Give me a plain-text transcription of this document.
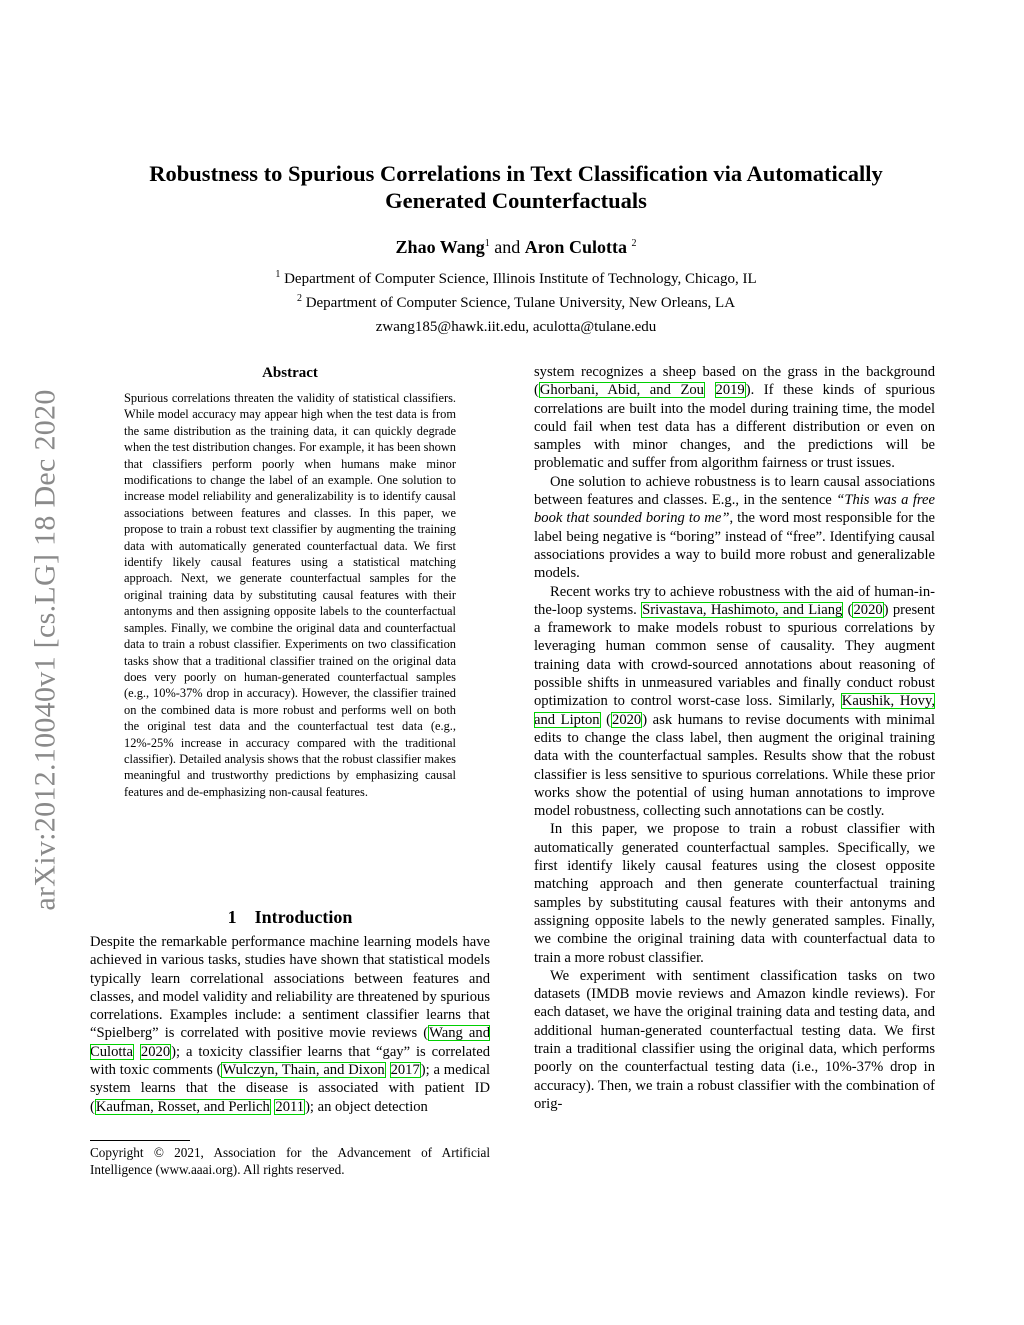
arXiv:2012.10040v1 [cs.LG] 18 Dec 2020
Robustness to Spurious Correlations in Text Classification via Automatically
Generated Counterfactuals
Zhao Wang$^1$ and Aron Culotta $^2$
$^1$ Department of Computer Science, Illinois Institute of Technology, Chicago, IL
$^2$ Department of Computer Science, Tulane University, New Orleans, LA
zwang185@hawk.iit.edu, aculotta@tulane.edu
Abstract
Spurious correlations threaten the validity of statistical classifiers. While model accuracy may appear high when the test data is from the same distribution as the training data, it can quickly degrade when the test distribution changes. For example, it has been shown that classifiers perform poorly when humans make minor modifications to change the label of an example. One solution to increase model reliability and generalizability is to identify causal associations between features and classes. In this paper, we propose to train a robust text classifier by augmenting the training data with automatically generated counterfactual data. We first identify likely causal features using a statistical matching approach. Next, we generate counterfactual samples for the original training data by substituting causal features with their antonyms and then assigning opposite labels to the counterfactual samples. Finally, we combine the original data and counterfactual data to train a robust classifier. Experiments on two classification tasks show that a traditional classifier trained on the original data does very poorly on human-generated counterfactual samples (e.g., 10%-37% drop in accuracy). However, the classifier trained on the combined data is more robust and performs well on both the original test data and the counterfactual test data (e.g., 12%-25% increase in accuracy compared with the traditional classifier). Detailed analysis shows that the robust classifier makes meaningful and trustworthy predictions by emphasizing causal features and de-emphasizing non-causal features.
1 Introduction

Despite the remarkable performance machine learning models have achieved in various tasks, studies have shown that statistical models typically learn correlational associations between features and classes, and model validity and reliability are threatened by spurious correlations. Examples include: a sentiment classifier learns that “Spielberg” is correlated with positive movie reviews (Wang and Culotta 2020); a toxicity classifier learns that “gay” is correlated with toxic comments (Wulczyn, Thain, and Dixon 2017); a medical system learns that the disease is associated with patient ID (Kaufman, Rosset, and Perlich 2011); an object detection

Copyright © 2021, Association for the Advancement of Artificial Intelligence (www.aaai.org). All rights reserved.

system recognizes a sheep based on the grass in the background (Ghorbani, Abid, and Zou 2019). If these kinds of spurious correlations are built into the model during training time, the model could fail when test data has a different distribution or even on samples with minor changes, and the predictions will be problematic and suffer from algorithm fairness or trust issues.

One solution to achieve robustness is to learn causal associations between features and classes. E.g., in the sentence “This was a free book that sounded boring to me”, the word most responsible for the label being negative is “boring” instead of “free”. Identifying causal associations provides a way to build more robust and generalizable models.

Recent works try to achieve robustness with the aid of human-in-the-loop systems. Srivastava, Hashimoto, and Liang (2020) present a framework to make models robust to spurious correlations by leveraging human common sense of causality. They augment training data with crowd-sourced annotations about reasoning of possible shifts in unmeasured variables and finally conduct robust optimization to control worst-case loss. Similarly, Kaushik, Hovy, and Lipton (2020) ask humans to revise documents with minimal edits to change the class label, then augment the original training data with the counterfactual samples. Results show that the robust classifier is less sensitive to spurious correlations. While these prior works show the potential of using human annotations to improve model robustness, collecting such annotations can be costly.

In this paper, we propose to train a robust classifier with automatically generated counterfactual samples. Specifically, we first identify likely causal features using the closest opposite matching approach and then generate counterfactual training samples by substituting causal features with their antonyms and assigning opposite labels to the newly generated samples. Finally, we combine the original training data with counterfactual data to train a more robust classifier.

We experiment with sentiment classification tasks on two datasets (IMDB movie reviews and Amazon kindle reviews). For each dataset, we have the original training data and testing data, and additional human-generated counterfactual testing data. We first train a traditional classifier using the original data, which performs poorly on the counterfactual testing data (i.e., 10%-37% drop in accuracy). Then, we train a robust classifier with the combination of orig-
